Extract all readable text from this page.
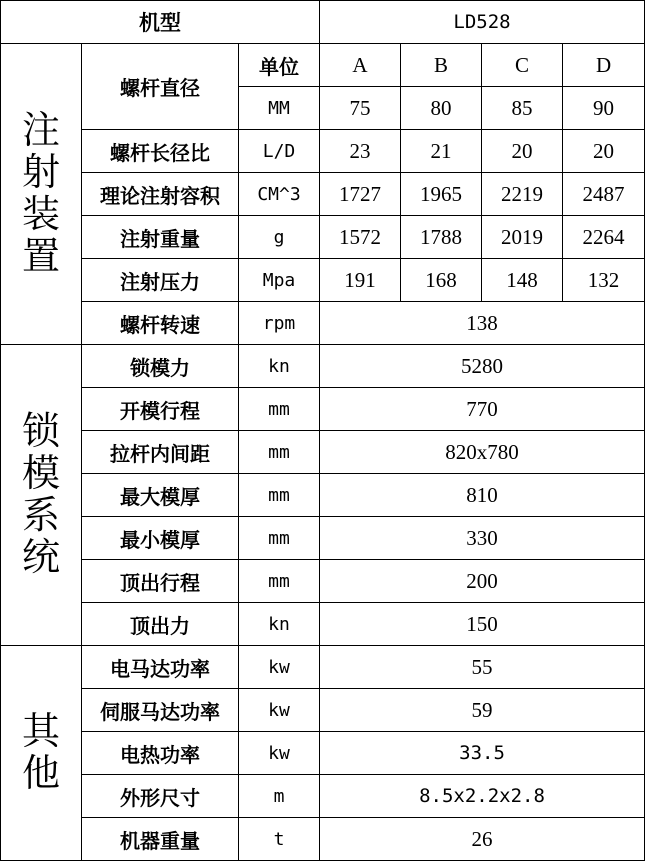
机型			LD528			

注
射
装
置	螺杆直径	单位	A	B	C	D
		MM	75	80	85	90
	螺杆长径比	L/D	23	21	20	20
	理论注射容积	CM^3	1727	1965	2219	2487
	注射重量	g	1572	1788	2019	2264
	注射压力	Mpa	191	168	148	132
	螺杆转速	rpm	138			

锁
模
系
统	锁模力	kn	5280			
	开模行程	mm	770			
	拉杆内间距	mm	820x780			
	最大模厚	mm	810			
	最小模厚	mm	330			
	顶出行程	mm	200			
	顶出力	kn	150			

其
他	电马达功率	kw	55			
	伺服马达功率	kw	59			
	电热功率	kw	33.5			
	外形尺寸	m	8.5x2.2x2.8			
	机器重量	t	26			
